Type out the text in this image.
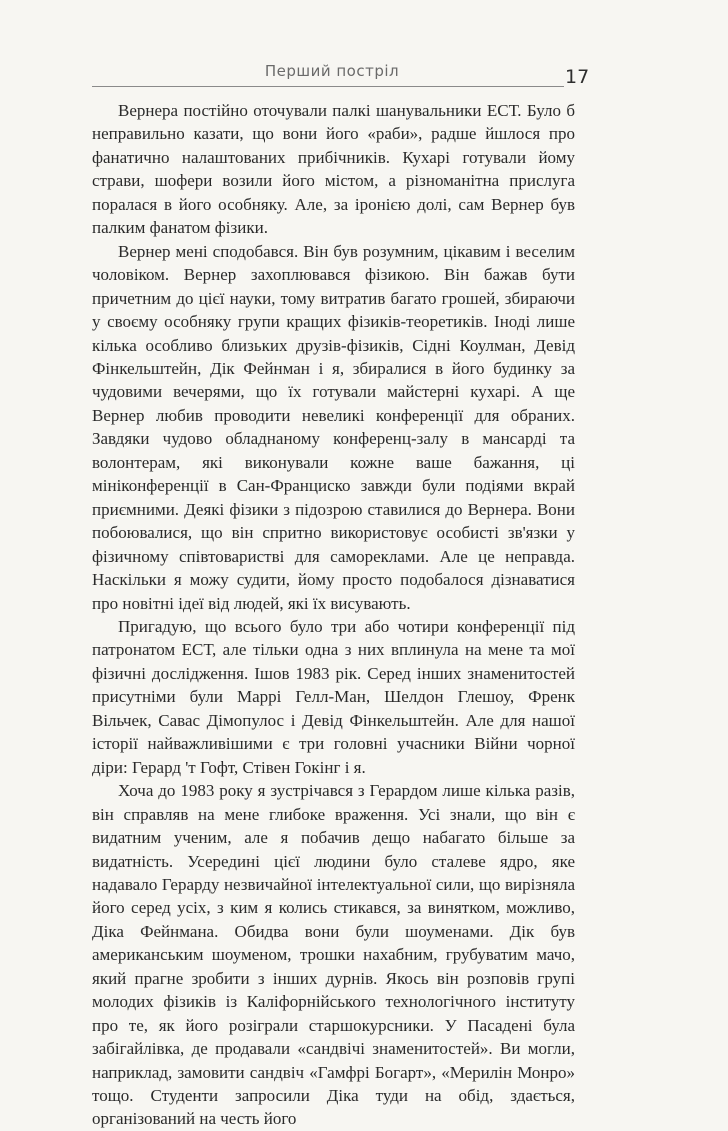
Перший постріл	17

Вернера постійно оточували палкі шанувальники ЕСТ. Було б неправильно казати, що вони його «раби», радше йшлося про фанатично налаштованих прибічників. Кухарі готували йому страви, шофери возили його містом, а різноманітна прислуга поралася в його особняку. Але, за іронією долі, сам Вернер був палким фанатом фізики.

Вернер мені сподобався. Він був розумним, цікавим і веселим чоловіком. Вернер захоплювався фізикою. Він бажав бути причетним до цієї науки, тому витратив багато грошей, збираючи у своєму особняку групи кращих фізиків-теоретиків. Іноді лише кілька особливо близьких друзів-фізиків, Сідні Коулман, Девід Фінкельштейн, Дік Фейнман і я, збиралися в його будинку за чудовими вечерями, що їх готували майстерні кухарі. А ще Вернер любив проводити невеликі конференції для обраних. Завдяки чудово обладнаному конференц-залу в мансарді та волонтерам, які виконували кожне ваше бажання, ці мініконференції в Сан-Франциско завжди були подіями вкрай приємними. Деякі фізики з підозрою ставилися до Вернера. Вони побоювалися, що він спритно використовує особисті зв'язки у фізичному співтоваристві для самореклами. Але це неправда. Наскільки я можу судити, йому просто подобалося дізнаватися про новітні ідеї від людей, які їх висувають.

Пригадую, що всього було три або чотири конференції під патронатом ЕСТ, але тільки одна з них вплинула на мене та мої фізичні дослідження. Ішов 1983 рік. Серед інших знаменитостей присутніми були Маррі Гелл-Ман, Шелдон Глешоу, Френк Вільчек, Савас Дімопулос і Девід Фінкельштейн. Але для нашої історії найважливішими є три головні учасники Війни чорної діри: Герард 'т Гофт, Стівен Гокінг і я.

Хоча до 1983 року я зустрічався з Герардом лише кілька разів, він справляв на мене глибоке враження. Усі знали, що він є видатним ученим, але я побачив дещо набагато більше за видатність. Усередині цієї людини було сталеве ядро, яке надавало Герарду незвичайної інтелектуальної сили, що вирізняла його серед усіх, з ким я колись стикався, за винятком, можливо, Діка Фейнмана. Обидва вони були шоуменами. Дік був американським шоуменом, трошки нахабним, грубуватим мачо, який прагне зробити з інших дурнів. Якось він розповів групі молодих фізиків із Каліфорнійського технологічного інституту про те, як його розіграли старшокурсники. У Пасадені була забігайлівка, де продавали «сандвічі знаменитостей». Ви могли, наприклад, замовити сандвіч «Гамфрі Богарт», «Мерилін Монро» тощо. Студенти запросили Діка туди на обід, здається, організований на честь його
